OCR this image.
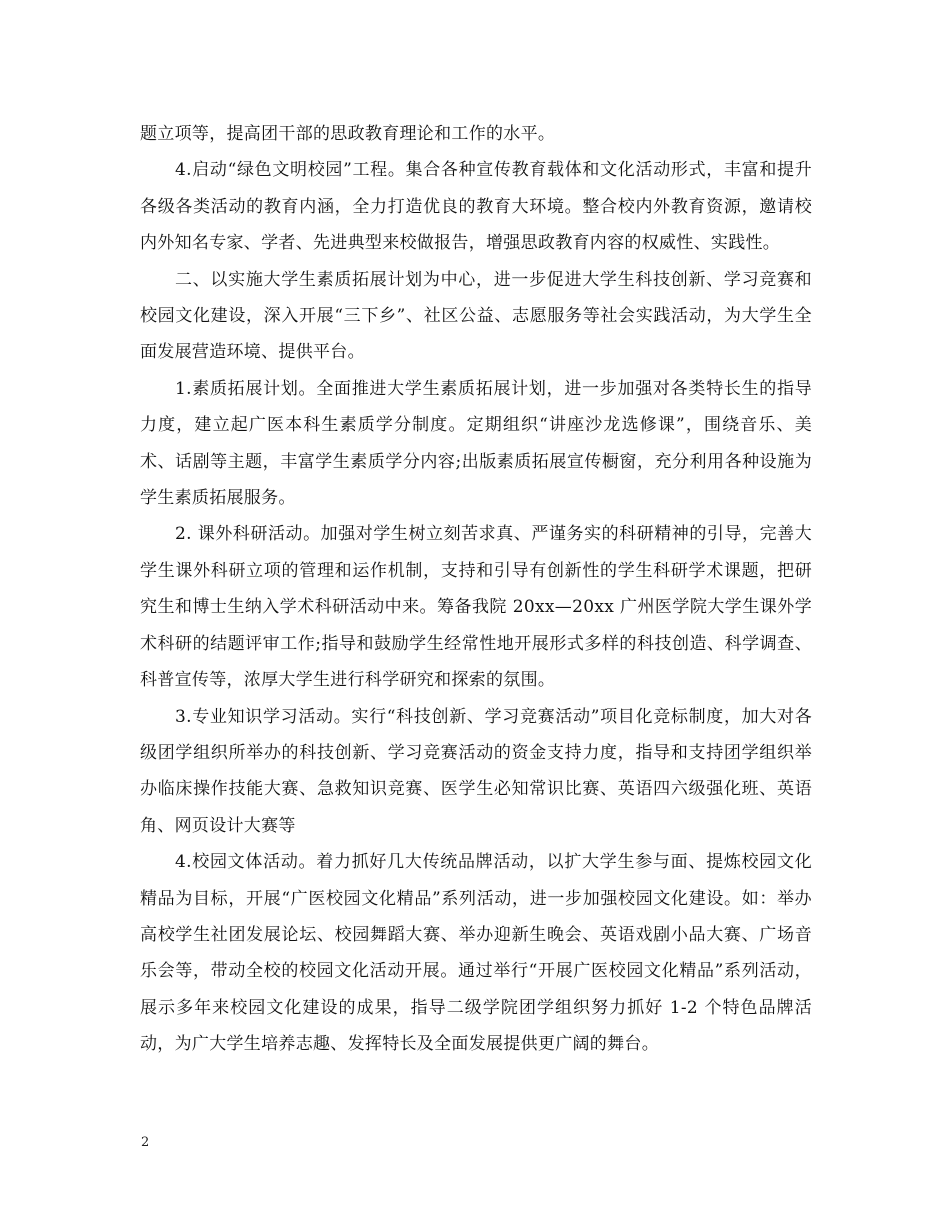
题立项等，提高团干部的思政教育理论和工作的水平。

4.启动“绿色文明校园”工程。集合各种宣传教育载体和文化活动形式，丰富和提升各级各类活动的教育内涵，全力打造优良的教育大环境。整合校内外教育资源，邀请校内外知名专家、学者、先进典型来校做报告，增强思政教育内容的权威性、实践性。

二、以实施大学生素质拓展计划为中心，进一步促进大学生科技创新、学习竞赛和校园文化建设，深入开展“三下乡”、社区公益、志愿服务等社会实践活动，为大学生全面发展营造环境、提供平台。

1.素质拓展计划。全面推进大学生素质拓展计划，进一步加强对各类特长生的指导力度，建立起广医本科生素质学分制度。定期组织“讲座沙龙选修课”，围绕音乐、美术、话剧等主题，丰富学生素质学分内容;出版素质拓展宣传橱窗，充分利用各种设施为学生素质拓展服务。

2. 课外科研活动。加强对学生树立刻苦求真、严谨务实的科研精神的引导，完善大学生课外科研立项的管理和运作机制，支持和引导有创新性的学生科研学术课题，把研究生和博士生纳入学术科研活动中来。筹备我院 20xx—20xx 广州医学院大学生课外学术科研的结题评审工作;指导和鼓励学生经常性地开展形式多样的科技创造、科学调查、科普宣传等，浓厚大学生进行科学研究和探索的氛围。

3.专业知识学习活动。实行“科技创新、学习竞赛活动”项目化竞标制度，加大对各级团学组织所举办的科技创新、学习竞赛活动的资金支持力度，指导和支持团学组织举办临床操作技能大赛、急救知识竞赛、医学生必知常识比赛、英语四六级强化班、英语角、网页设计大赛等

4.校园文体活动。着力抓好几大传统品牌活动，以扩大学生参与面、提炼校园文化精品为目标，开展“广医校园文化精品”系列活动，进一步加强校园文化建设。如：举办高校学生社团发展论坛、校园舞蹈大赛、举办迎新生晚会、英语戏剧小品大赛、广场音乐会等，带动全校的校园文化活动开展。通过举行“开展广医校园文化精品”系列活动，展示多年来校园文化建设的成果，指导二级学院团学组织努力抓好 1-2 个特色品牌活动，为广大学生培养志趣、发挥特长及全面发展提供更广阔的舞台。

2
